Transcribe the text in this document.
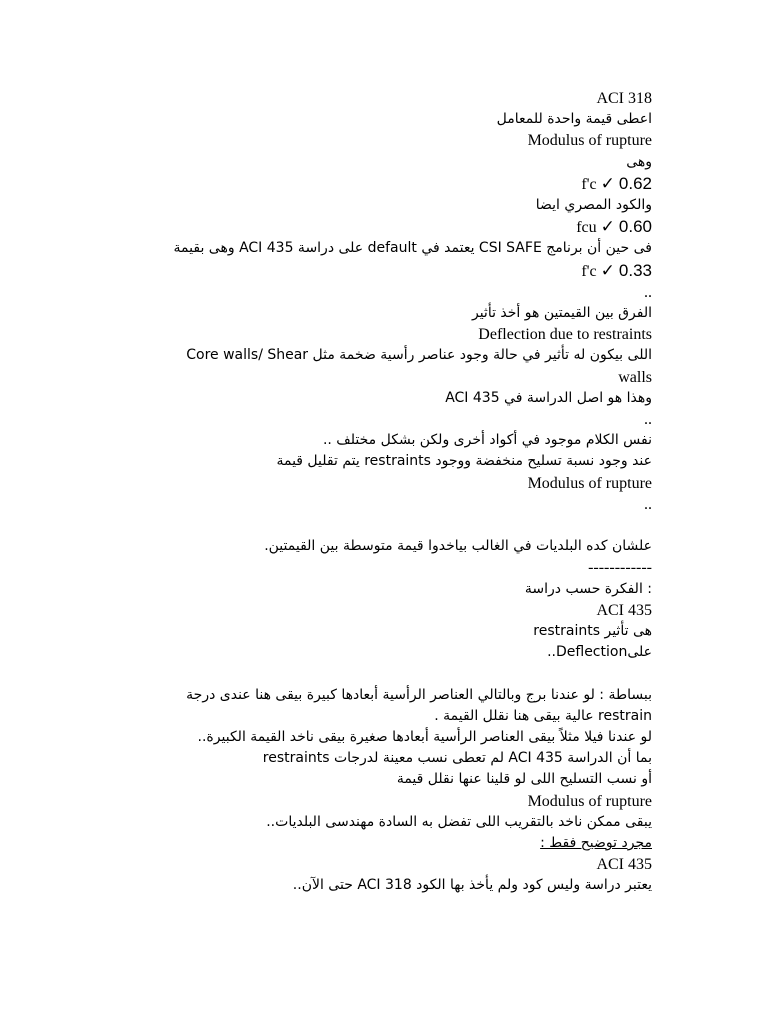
ACI 318
اعطى قيمة واحدة للمعامل
Modulus of rupture
وهى
f'c ✓ 0.62
والكود المصري ايضا
fcu ✓ 0.60
فى حين أن برنامج CSI SAFE يعتمد في default على دراسة ACI 435 وهى بقيمة
f'c ✓ 0.33
..
الفرق بين القيمتين هو أخذ تأثير
Deflection due to restraints
اللى بيكون له تأثير في حالة وجود عناصر رأسية ضخمة مثل Core walls/ Shear
walls
وهذا هو اصل الدراسة في ACI 435
..
نفس الكلام موجود في أكواد أخرى ولكن بشكل مختلف ..
عند وجود نسبة تسليح منخفضة ووجود restraints يتم تقليل قيمة
Modulus of rupture
..
علشان كده البلديات في الغالب بياخدوا قيمة متوسطة بين القيمتين.
------------
: الفكرة حسب دراسة
ACI 435
هى تأثير restraints
علىDeflection..
ببساطة : لو عندنا برج وبالتالي العناصر الرأسية أبعادها كبيرة بيقى هنا عندى درجة
restrain عالية بيقى هنا نقلل القيمة .
لو عندنا فيلا مثلاً بيقى العناصر الرأسية أبعادها صغيرة بيقى ناخد القيمة الكبيرة..
بما أن الدراسة ACI 435 لم تعطى نسب معينة لدرجات restraints
أو نسب التسليح اللى لو قلينا عنها نقلل قيمة
Modulus of rupture
يبقى ممكن ناخد بالتقريب اللى تفضل به السادة مهندسى البلديات..
مجرد توضيح فقط :
ACI 435
يعتبر دراسة وليس كود ولم يأخذ بها الكود ACI 318 حتى الآن..
